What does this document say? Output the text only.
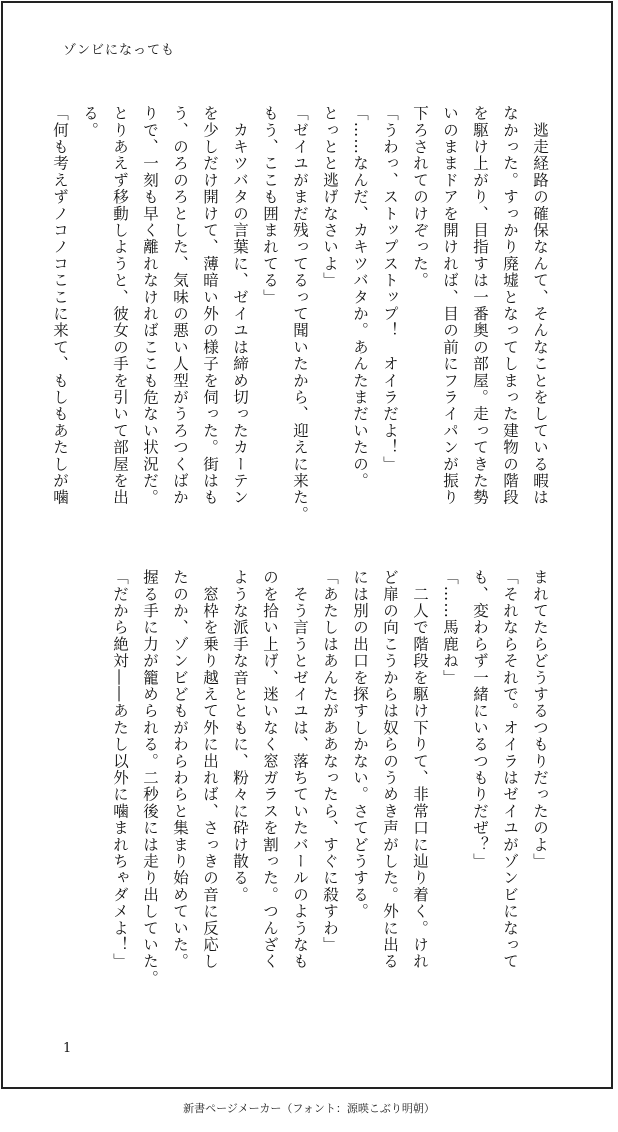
ゾンビになっても
　逃走経路の確保なんて、そんなことをしている暇は
なかった。すっかり廃墟となってしまった建物の階段
を駆け上がり、目指すは一番奥の部屋。走ってきた勢
いのままドアを開ければ、目の前にフライパンが振り
下ろされてのけぞった。
「うわっ、ストップストップ！　オイラだよ！」
「……なんだ、カキツバタか。あんたまだいたの。
とっとと逃げなさいよ」
「ゼイユがまだ残ってるって聞いたから、迎えに来た。
もう、ここも囲まれてる」
　カキツバタの言葉に、ゼイユは締め切ったカーテン
を少しだけ開けて、薄暗い外の様子を伺った。街はも
う、のろのろとした、気味の悪い人型がうろつくばか
りで、一刻も早く離れなければここも危ない状況だ。
とりあえず移動しようと、彼女の手を引いて部屋を出
る。
「何も考えずノコノコここに来て、もしもあたしが噛
まれてたらどうするつもりだったのよ」
「それならそれで。オイラはゼイユがゾンビになって
も、変わらず一緒にいるつもりだぜ？」
「……馬鹿ね」
　二人で階段を駆け下りて、非常口に辿り着く。けれ
ど扉の向こうからは奴らのうめき声がした。外に出る
には別の出口を探すしかない。さてどうする。
「あたしはあんたがああなったら、すぐに殺すわ」
　そう言うとゼイユは、落ちていたバールのようなも
のを拾い上げ、迷いなく窓ガラスを割った。つんざく
ような派手な音とともに、粉々に砕け散る。
　窓枠を乗り越えて外に出れば、さっきの音に反応し
たのか、ゾンビどもがわらわらと集まり始めていた。
握る手に力が籠められる。二秒後には走り出していた。
「だから絶対――あたし以外に噛まれちゃダメよ！」
1
新書ページメーカー（フォント：源暎こぶり明朝）
